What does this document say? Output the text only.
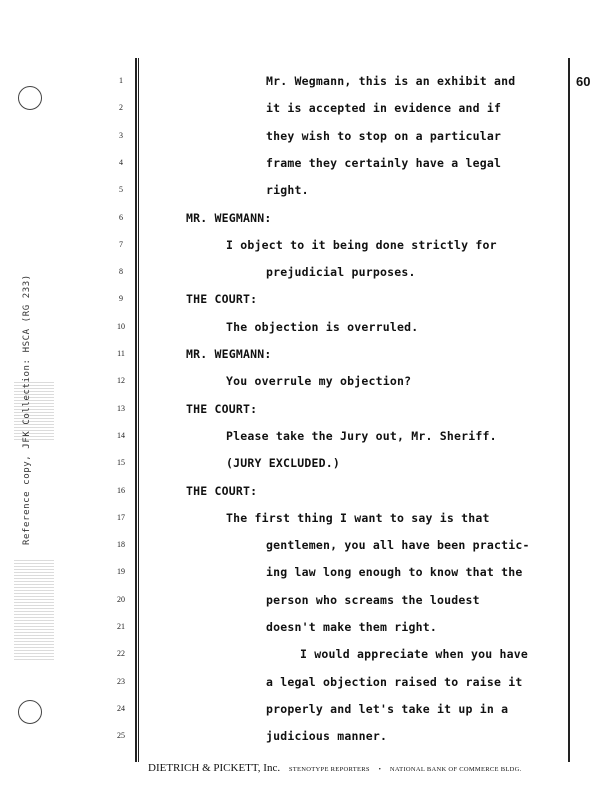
Reference copy, JFK Collection: HSCA (RG 233)
60
1	Mr. Wegmann, this is an exhibit and
2	it is accepted in evidence and if
3	they wish to stop on a particular
4	frame they certainly have a legal
5	right.
6	MR. WEGMANN:
7	I object to it being done strictly for
8	prejudicial purposes.
9	THE COURT:
10	The objection is overruled.
11	MR. WEGMANN:
12	You overrule my objection?
13	THE COURT:
14	Please take the Jury out, Mr. Sheriff.
15	(JURY EXCLUDED.)
16	THE COURT:
17	The first thing I want to say is that
18	gentlemen, you all have been practic-
19	ing law long enough to know that the
20	person who screams the loudest
21	doesn't make them right.
22	I would appreciate when you have
23	a legal objection raised to raise it
24	properly and let's take it up in a
25	judicious manner.
DIETRICH & PICKETT, Inc. STENOTYPE REPORTERS • NATIONAL BANK OF COMMERCE BLDG.
